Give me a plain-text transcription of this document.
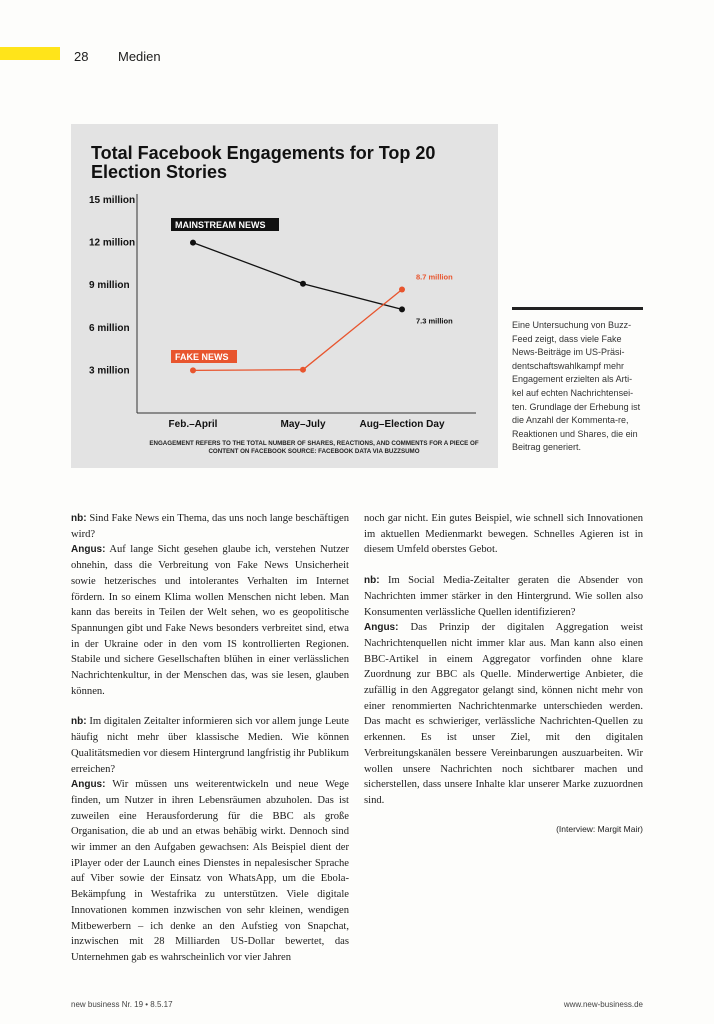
28 Medien
15 million
12 million
9 million
6 million
3 million
Feb.–April	May–July	Aug–Election Day
MAINSTREAM NEWS
FAKE NEWS
8.7 million
7.3 million
Total Facebook Engagements for Top 20 Election Stories
ENGAGEMENT REFERS TO THE TOTAL NUMBER OF SHARES, REACTIONS, AND COMMENTS FOR A PIECE OF CONTENT ON FACEBOOK SOURCE: FACEBOOK DATA VIA BUZZSUMO
Eine Untersuchung von Buzz-Feed zeigt, dass viele Fake News-Beiträge im US-Präsi-dentschaftswahlkampf mehr Engagement erzielten als Arti-kel auf echten Nachrichtensei-ten. Grundlage der Erhebung ist die Anzahl der Kommenta-re, Reaktionen und Shares, die ein Beitrag generiert.

nb: Sind Fake News ein Thema, das uns noch lange beschäftigen wird?

Angus: Auf lange Sicht gesehen glaube ich, verstehen Nutzer ohnehin, dass die Verbreitung von Fake News Unsicherheit sowie hetzerisches und intolerantes Verhalten im Internet fördern. In so einem Klima wollen Menschen nicht leben. Man kann das bereits in Teilen der Welt sehen, wo es geopolitische Spannungen gibt und Fake News besonders verbreitet sind, etwa in der Ukraine oder in den vom IS kontrollierten Regionen. Stabile und sichere Gesellschaften blühen in einer verlässlichen Nachrichtenkultur, in der Menschen das, was sie lesen, glauben können.

nb: Im digitalen Zeitalter informieren sich vor allem junge Leute häufig nicht mehr über klassische Medien. Wie können Qualitätsmedien vor diesem Hintergrund langfristig ihr Publikum erreichen?

Angus: Wir müssen uns weiterentwickeln und neue Wege finden, um Nutzer in ihren Lebensräumen abzuholen. Das ist zuweilen eine Herausforderung für die BBC als große Organisation, die ab und an etwas behäbig wirkt. Dennoch sind wir immer an den Aufgaben gewachsen: Als Beispiel dient der iPlayer oder der Launch eines Dienstes in nepalesischer Sprache auf Viber sowie der Einsatz von WhatsApp, um die Ebola-Bekämpfung in Westafrika zu unterstützen. Viele digitale Innovationen kommen inzwischen von sehr kleinen, wendigen Mitbewerbern – ich denke an den Aufstieg von Snapchat, inzwischen mit 28 Milliarden US-Dollar bewertet, das Unternehmen gab es wahrscheinlich vor vier Jahren

noch gar nicht. Ein gutes Beispiel, wie schnell sich Innovationen im aktuellen Medienmarkt bewegen. Schnelles Agieren ist in diesem Umfeld oberstes Gebot.

nb: Im Social Media-Zeitalter geraten die Absender von Nachrichten immer stärker in den Hintergrund. Wie sollen also Konsumenten verlässliche Quellen identifizieren?

Angus: Das Prinzip der digitalen Aggregation weist Nachrichtenquellen nicht immer klar aus. Man kann also einen BBC-Artikel in einem Aggregator vorfinden ohne klare Zuordnung zur BBC als Quelle. Minderwertige Anbieter, die zufällig in den Aggregator gelangt sind, können nicht mehr von einer renommierten Nachrichtenmarke unterschieden werden. Das macht es schwieriger, verlässliche Nachrichten-Quellen zu erkennen. Es ist unser Ziel, mit den digitalen Verbreitungskanälen bessere Vereinbarungen auszuarbeiten. Wir wollen unsere Nachrichten noch sichtbarer machen und sicherstellen, dass unsere Inhalte klar unserer Marke zuzuordnen sind.

(Interview: Margit Mair)
new business Nr. 19 • 8.5.17	www.new-business.de
